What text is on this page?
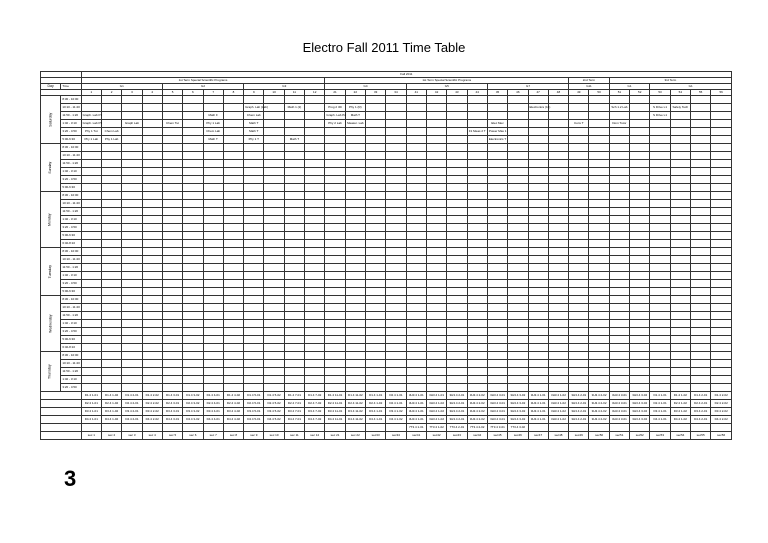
Electro Fall 2011 Time Table
		Fall 2011																															
		1st Term Special Scientific Programs												1st Term Special Scientific Programs												2nd Term		3rd Term					
Day	Time	G1				G2				G3				G4				G5				G7				G11		G1		G1			
		1	2	3	4	5	6	7	8	9	10	11	12	21	22	33	34	41	42	43	44	45	46	47	48	49	50	51	52	53	54	55	56
Saturday	8:30 - 10:00																																
	10:10 - 11:40									Graph. Lab (Lab)		Math 1 (2)		Prog 2 3D	Phy 1 (R)									Electronics (16)				Sch 1.2 Lab		S Drive L1	Safety Tech		
	11:50 - 1:20	Graph. Lab P1						Math F		Chem Lab				Graph. Lab P2	Math T															S Drive L1			
	1:40 - 3:10	Graph. Lab P3		Graph Lab		Chem Tut		Phy 1 Lab		Math T				Phy 2 Lab	Measur. Lab							Elec Mec				Conv T		Dom Tutor					
	3:20 - 4:50	Phy 1 Tut	Chem Lab					Chem Lab		Math T											F1 Meas 2 T	Power Mas 1											
	5:00-6:30	Phy 1 Lab	Phy 1 Lab					Math T		Phy 1 T		Math T										Electronics T											
Sunday	8:30 - 10:00																																
	10:10 - 11:40																																
	11:50 - 1:20																																
	1:40 - 3:10																																
	3:20 - 4:50																																
	5:00-6:30																																
Monday	8:30 - 10:00																																
	10:10 - 11:40																																
	11:50 - 1:20																																
	1:40 - 3:10																																
	3:20 - 4:50																																
	5:00-6:30																																
	6:40-8:10																																
Tuesday	8:30 - 10:00																																
	10:10 - 11:40																																
	11:50 - 1:20																																
	1:40 - 3:10																																
	3:20 - 4:50																																
	5:00-6:30																																
Wednesday	8:30 - 10:00																																
	10:10 - 11:40																																
	11:50 - 1:20																																
	1:40 - 3:10																																
	3:20 - 4:50																																
	5:00-6:30																																
	6:40-8:10																																
Thursday	8:30 - 10:00																																
	10:10 - 11:40																																
	11:50 - 1:20																																
	1:40 - 3:10																																
	3:20 - 4:50																																
		D1.4 1-01	D1.4 1-02	D1.4 2-01	D1.4 2-02	D1.4 3-01	D1.4 3-02	D1.4 4-01	D1.4 4-02	D1.4 5-01	D1.4 5-02	D1.4 7-01	D1.4 7-02	D1.4 11-01	D1.4 11-02	D1.4 1-01	D2.4 1-01	3H3.4 1-01	3H3.4 1-01	3H3.4 2-01	3H3.4 2-02	3H3.4 3-01	3H3.4 3-02	3H3.4 1-01	3H3.4 1-02	3H3.4 2-01	3H3.4 2-02	3H3.4 3-01	3H3.4 3-02	D1.4 1-01	D1.4 1-02	D1.4 2-01	D1.4 2-02
		D2.4 1-01	D2.4 1-02	D2.4 2-01	D2.4 2-02	D2.4 3-01	D2.4 3-02	D2.4 4-01	D2.4 4-02	D2.4 5-01	D2.4 5-02	D2.4 7-01	D2.4 7-02	D2.4 11-01	D2.4 11-02	D2.4 1-02	D2.4 1-01	3H3.4 1-01	3H3.4 1-02	3H3.4 2-01	3H3.4 2-02	3H3.4 3-01	3H3.4 3-02	3H3.4 1-01	3H3.4 1-02	3H3.4 2-01	3H3.4 2-02	3H3.4 3-01	3H3.4 3-02	D2.4 1-01	D2.4 1-02	D2.4 2-01	D2.4 2-02
		D3.4 1-01	D3.4 1-02	D3.4 2-01	D3.4 2-02	D3.4 3-01	D3.4 3-02	D3.4 4-01	D3.4 4-02	D3.4 5-01	D3.4 5-02	D3.4 7-01	D3.4 7-02	D3.4 11-01	D3.4 11-02	D3.4 1-01	D3.4 1-02	3H3.4 1-01	3H3.4 1-02	3H3.4 2-01	3H3.4 2-02	3H3.4 3-01	3H3.4 3-02	3H3.4 1-01	3H3.4 1-02	3H3.4 2-01	3H3.4 2-02	3H3.4 3-01	3H3.4 3-02	D3.4 1-01	D3.4 1-02	D3.4 2-01	D3.4 2-02
		D4.4 1-01	D4.4 1-02	D4.4 2-01	D4.4 2-02	D4.4 3-01	D4.4 3-02	D4.4 4-01	D4.4 4-02	D4.4 5-01	D4.4 5-02	D4.4 7-01	D4.4 7-02	D4.4 11-01	D4.4 11-02	D4.4 1-01	D4.4 1-02	3H3.4 1-01	3H3.4 1-02	3H3.4 2-01	3H3.4 2-02	3H3.4 3-01	3H3.4 3-02	3H3.4 1-01	3H3.4 1-02	3H3.4 2-01	3H3.4 2-02	3H3.4 3-01	3H3.4 3-02	D4.4 1-01	D4.4 1-02	D4.4 2-01	D4.4 2-02
																		7T3.4 1-01	7T3.4 1-02	7T3.4 2-01	7T3.4 2-02	7T3.4 3-01	7T3.4 3-02										
		sec 1	sec 2	sec 3	sec 4	sec 5	sec 6	sec 7	sec 8	sec 9	sec 10	sec 11	sec 12	sec 21	sec 22	sec33	sec34	sec41	sec42	sec43	sec44	sec45	sec46	sec47	sec48	sec49	sec50	sec51	sec52	sec53	sec54	sec55	sec56
3
